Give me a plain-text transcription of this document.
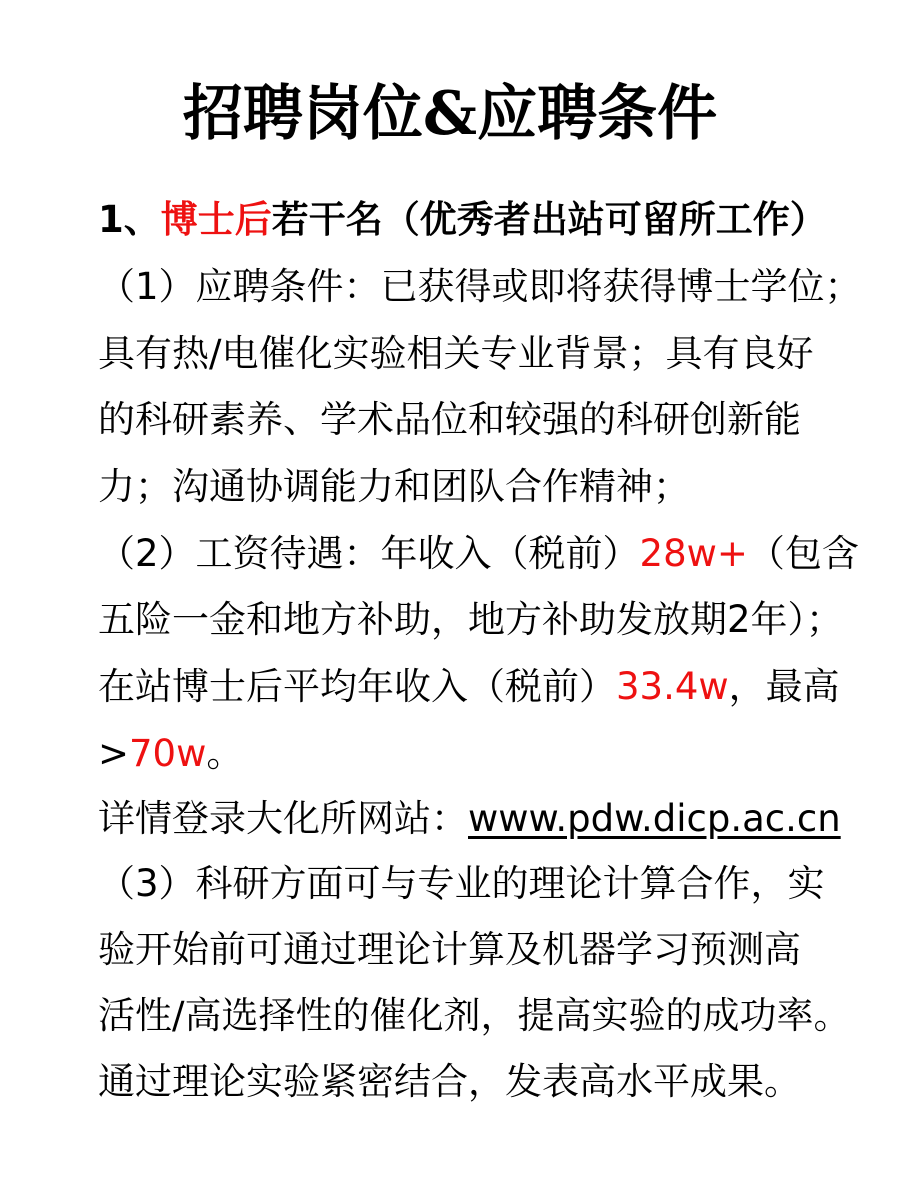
招聘岗位&应聘条件
1、博士后若干名（优秀者出站可留所工作）
（1）应聘条件：已获得或即将获得博士学位；
具有热/电催化实验相关专业背景；具有良好
的科研素养、学术品位和较强的科研创新能
力；沟通协调能力和团队合作精神；
（2）工资待遇：年收入（税前）28w+（包含
五险一金和地方补助，地方补助发放期2年）；
在站博士后平均年收入（税前）33.4w，最高
>70w。
详情登录大化所网站：www.pdw.dicp.ac.cn
（3）科研方面可与专业的理论计算合作，实
验开始前可通过理论计算及机器学习预测高
活性/高选择性的催化剂，提高实验的成功率。
通过理论实验紧密结合，发表高水平成果。
